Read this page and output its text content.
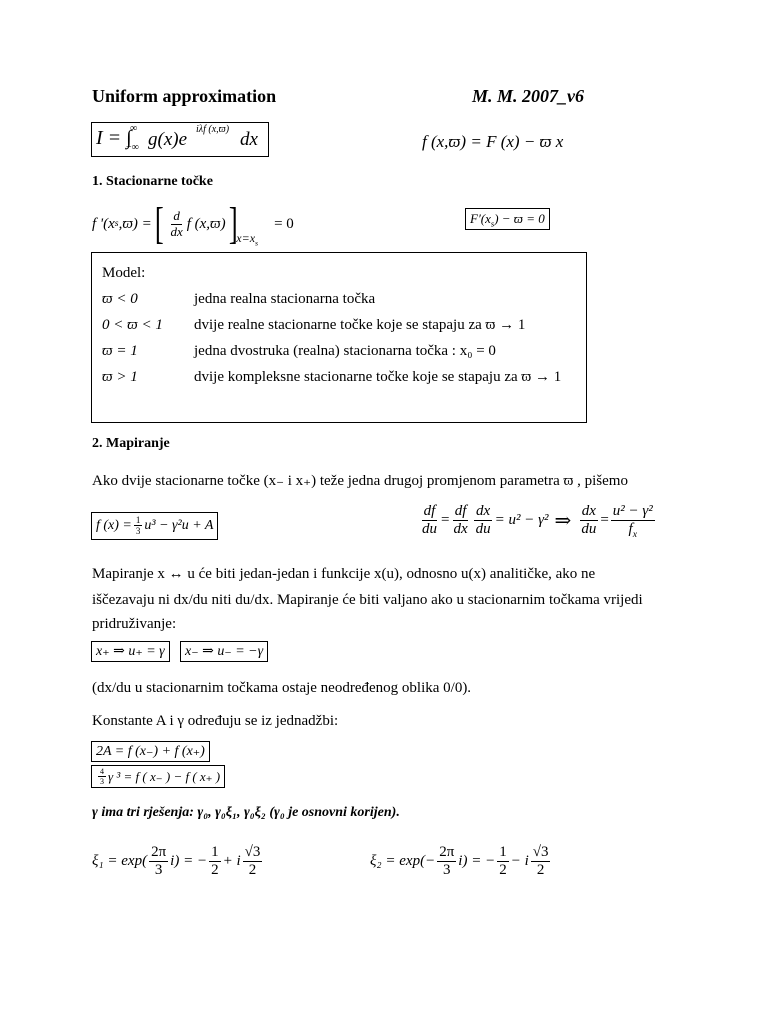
Uniform approximation	M. M. 2007_v6
I = ∫
∞
−∞ g(x)e iλf (x,ϖ) dx	f (x,ϖ) = F (x) − ϖ x
1. Stacionarne točke
f '(x s ,ϖ) = [ $\frac{d}{dx}$ f (x,ϖ) ]
$x=x_s$
= 0	$F'(x_s) - ϖ = 0$
Model:
ϖ < 0	jedna realna stacionarna točka
0 < ϖ < 1 dvije realne stacionarne točke koje se stapaju za ϖ → 1
ϖ = 1	jedna dvostruka (realna) stacionarna točka : x₀ = 0
ϖ > 1	dvije kompleksne stacionarne točke koje se stapaju za ϖ → 1
2. Mapiranje
Ako dvije stacionarne točke (x₋ i x₊) teže jedna drugoj promjenom parametra ϖ , pišemo
f $(x) = \frac{1}{3} u^3 - \gamma^2u + A$	$\frac{df}{du} = \frac{df}{dx} \frac{dx}{du} = u^2 - \gamma^2$ ⇒ $\frac{dx}{du} = \frac{\text{u² − γ²}}{f_x}$
Mapiranje x ↔ u će biti jedan-jedan i funkcije x(u), odnosno u(x) analitičke, ako ne
iščezavaju ni dx/du niti du/dx. Mapiranje će biti valjano ako u stacionarnim točkama vrijedi
pridruživanje:
x₊ ⇒ u₊ = γ	x₋ ⇒ u₋ = −γ
(dx/du u stacionarnim točkama ostaje neodređenog oblika 0/0).
Konstante A i γ određuju se iz jednadžbi:
2A = f (x₋) + f (x₊)
$\frac{4}{3}$ γ ³ = f ( x₋ ) − f ( x₊ )
γ ima tri rješenja: γ₀, γ₀ξ₁, γ₀ξ₂ (γ₀ je osnovni korijen).
$\xi_1 = \exp( \frac{2\pi}{3} i)$ = − $\frac{1}{2} + i \frac{√3}{2}$	$\xi_2 = \exp(- \frac{2\pi}{3} i)$ = − $\frac{1}{2} - i \frac{√3}{2}$
